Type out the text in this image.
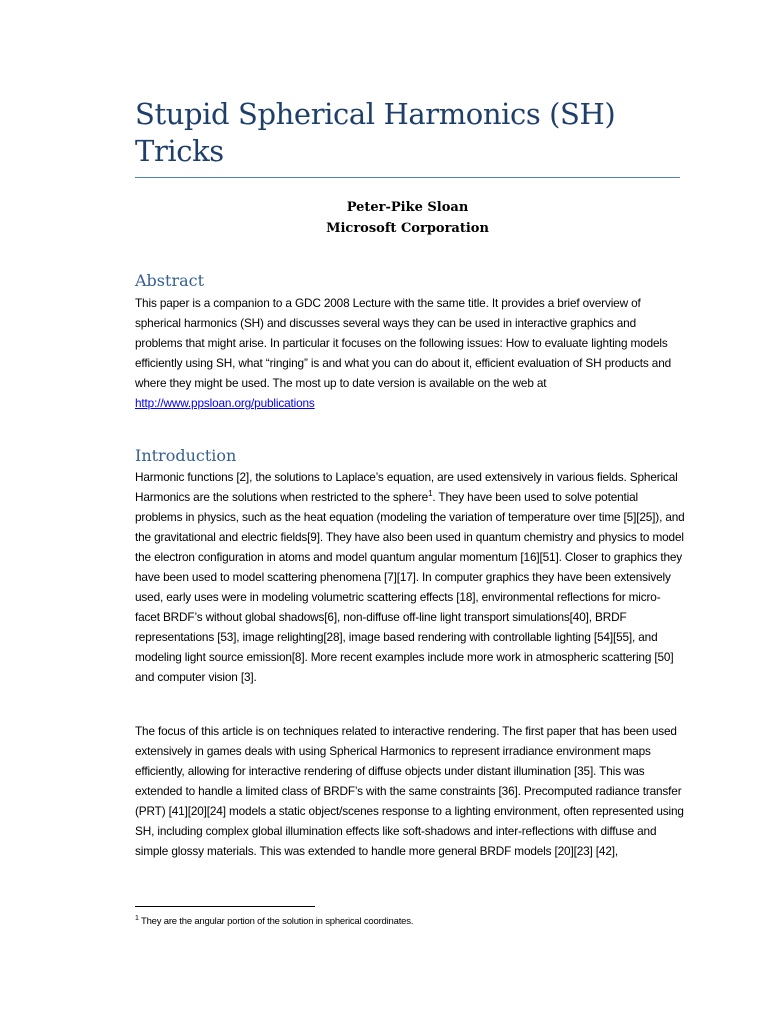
Stupid Spherical Harmonics (SH)
Tricks
Peter-Pike Sloan
Microsoft Corporation
Abstract

This paper is a companion to a GDC 2008 Lecture with the same title. It provides a brief overview of spherical harmonics (SH) and discusses several ways they can be used in interactive graphics and problems that might arise. In particular it focuses on the following issues: How to evaluate lighting models efficiently using SH, what “ringing” is and what you can do about it, efficient evaluation of SH products and where they might be used. The most up to date version is available on the web at http://www.ppsloan.org/publications

Introduction

Harmonic functions [2], the solutions to Laplace’s equation, are used extensively in various fields. Spherical Harmonics are the solutions when restricted to the sphere$^1$. They have been used to solve potential problems in physics, such as the heat equation (modeling the variation of temperature over time [5][25]), and the gravitational and electric fields[9]. They have also been used in quantum chemistry and physics to model the electron configuration in atoms and model quantum angular momentum [16][51]. Closer to graphics they have been used to model scattering phenomena [7][17]. In computer graphics they have been extensively used, early uses were in modeling volumetric scattering effects [18], environmental reflections for micro-facet BRDF’s without global shadows[6], non-diffuse off-line light transport simulations[40], BRDF representations [53], image relighting[28], image based rendering with controllable lighting [54][55], and modeling light source emission[8]. More recent examples include more work in atmospheric scattering [50] and computer vision [3].

The focus of this article is on techniques related to interactive rendering. The first paper that has been used extensively in games deals with using Spherical Harmonics to represent irradiance environment maps efficiently, allowing for interactive rendering of diffuse objects under distant illumination [35]. This was extended to handle a limited class of BRDF’s with the same constraints [36]. Precomputed radiance transfer (PRT) [41][20][24] models a static object/scenes response to a lighting environment, often represented using SH, including complex global illumination effects like soft-shadows and inter-reflections with diffuse and simple glossy materials. This was extended to handle more general BRDF models [20][23] [42],

$^1$ They are the angular portion of the solution in spherical coordinates.
